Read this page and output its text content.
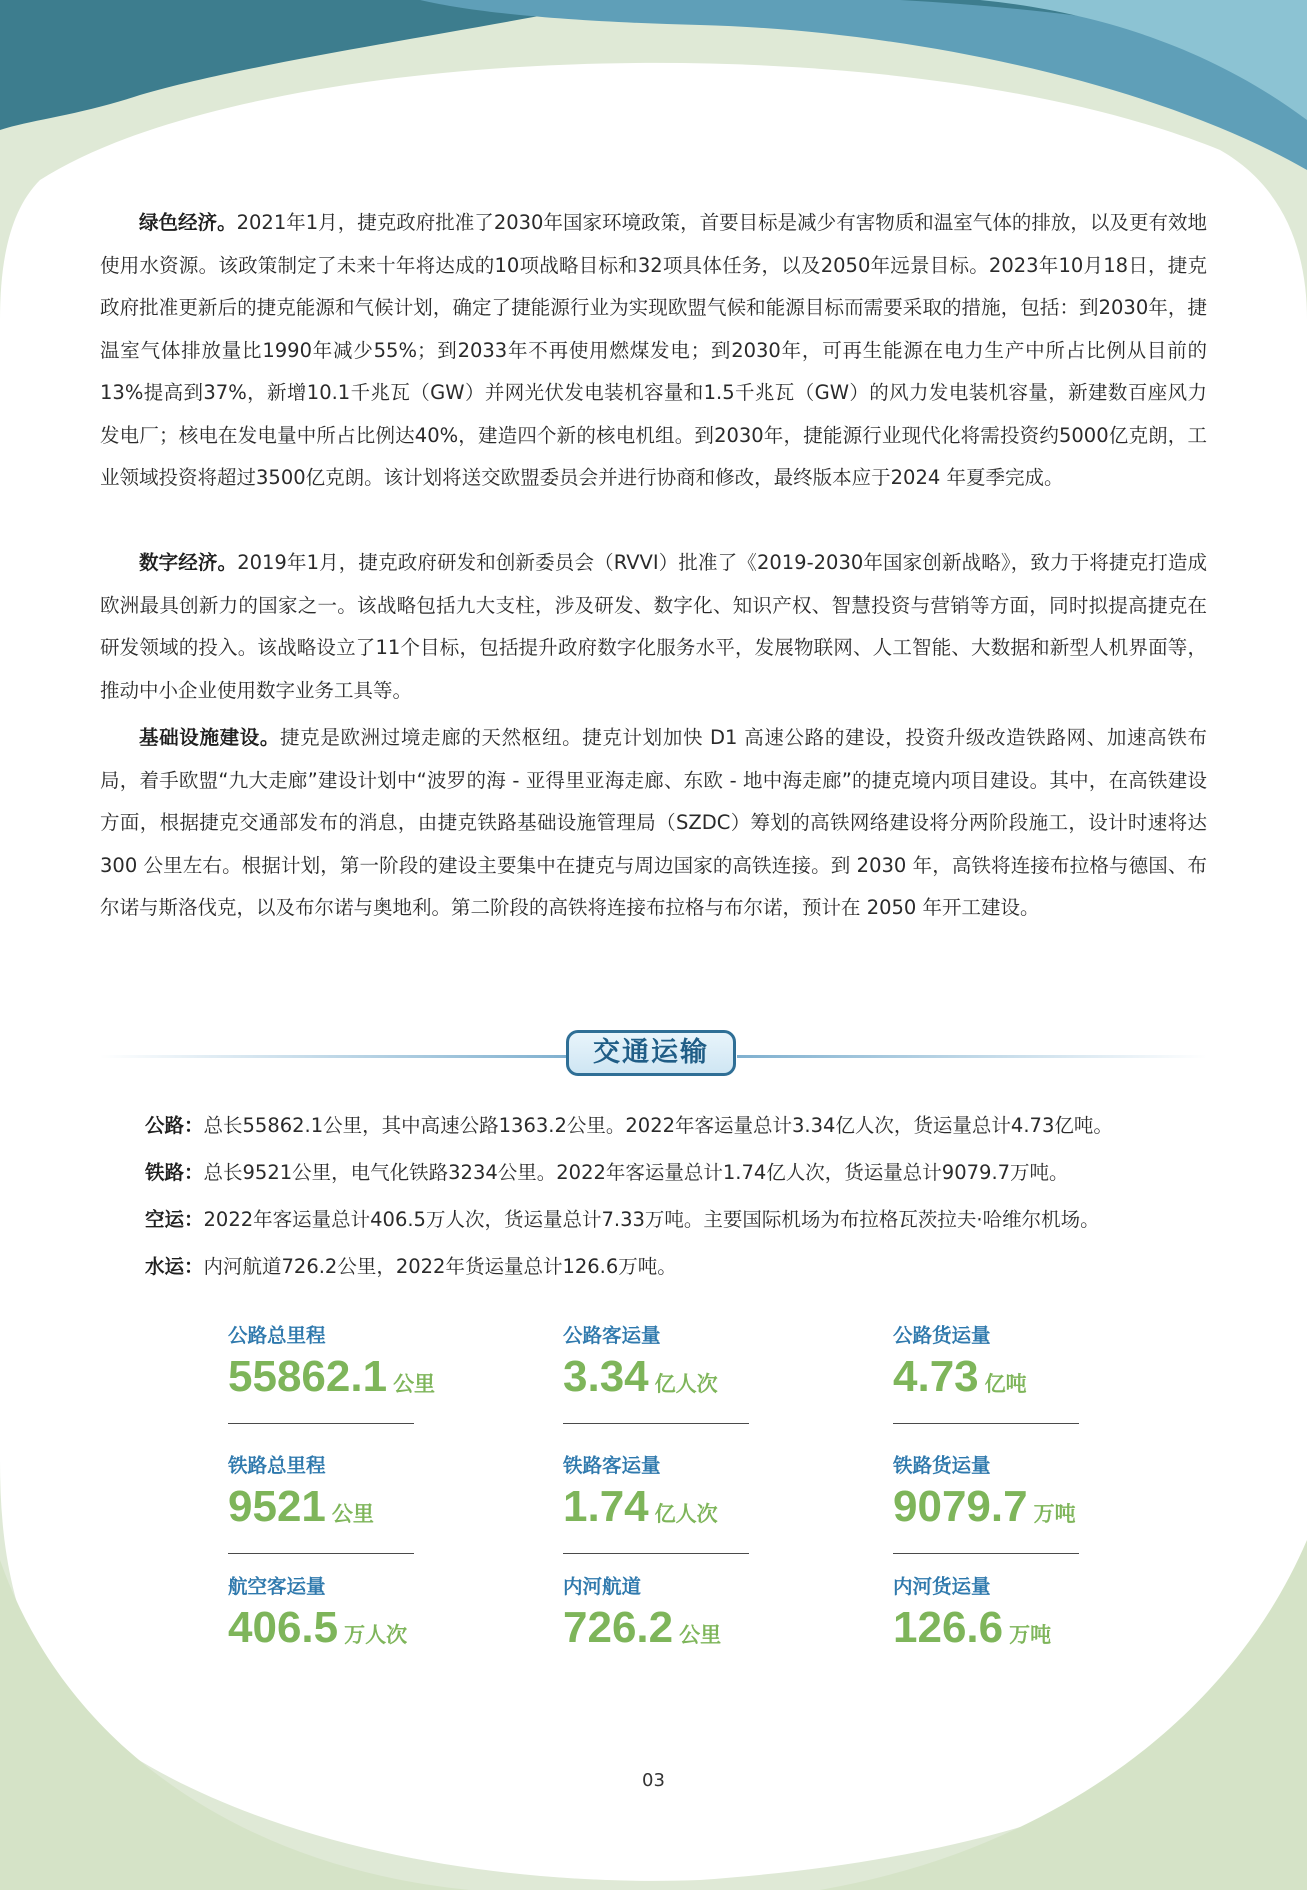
绿色经济。2021年1月，捷克政府批准了2030年国家环境政策，首要目标是减少有害物质和温室气体的排放，以及更有效地使用水资源。该政策制定了未来十年将达成的10项战略目标和32项具体任务，以及2050年远景目标。2023年10月18日，捷克政府批准更新后的捷克能源和气候计划，确定了捷能源行业为实现欧盟气候和能源目标而需要采取的措施，包括：到2030年，捷温室气体排放量比1990年减少55%；到2033年不再使用燃煤发电；到2030年，可再生能源在电力生产中所占比例从目前的13%提高到37%，新增10.1千兆瓦（GW）并网光伏发电装机容量和1.5千兆瓦（GW）的风力发电装机容量，新建数百座风力发电厂；核电在发电量中所占比例达40%，建造四个新的核电机组。到2030年，捷能源行业现代化将需投资约5000亿克朗，工业领域投资将超过3500亿克朗。该计划将送交欧盟委员会并进行协商和修改，最终版本应于2024 年夏季完成。

数字经济。2019年1月，捷克政府研发和创新委员会（RVVI）批准了《2019-2030年国家创新战略》，致力于将捷克打造成欧洲最具创新力的国家之一。该战略包括九大支柱，涉及研发、数字化、知识产权、智慧投资与营销等方面，同时拟提高捷克在研发领域的投入。该战略设立了11个目标，包括提升政府数字化服务水平，发展物联网、人工智能、大数据和新型人机界面等，推动中小企业使用数字业务工具等。

基础设施建设。捷克是欧洲过境走廊的天然枢纽。捷克计划加快 D1 高速公路的建设，投资升级改造铁路网、加速高铁布局，着手欧盟“九大走廊”建设计划中“波罗的海 - 亚得里亚海走廊、东欧 - 地中海走廊”的捷克境内项目建设。其中，在高铁建设方面，根据捷克交通部发布的消息，由捷克铁路基础设施管理局（SZDC）筹划的高铁网络建设将分两阶段施工，设计时速将达 300 公里左右。根据计划，第一阶段的建设主要集中在捷克与周边国家的高铁连接。到 2030 年，高铁将连接布拉格与德国、布尔诺与斯洛伐克，以及布尔诺与奥地利。第二阶段的高铁将连接布拉格与布尔诺，预计在 2050 年开工建设。

交通运输
公路：总长55862.1公里，其中高速公路1363.2公里。2022年客运量总计3.34亿人次，货运量总计4.73亿吨。
铁路：总长9521公里，电气化铁路3234公里。2022年客运量总计1.74亿人次，货运量总计9079.7万吨。
空运：2022年客运量总计406.5万人次，货运量总计7.33万吨。主要国际机场为布拉格瓦茨拉夫·哈维尔机场。
水运：内河航道726.2公里，2022年货运量总计126.6万吨。
公路总里程
55862.1 公里
公路客运量
3.34 亿人次
公路货运量
4.73 亿吨
铁路总里程
9521 公里
铁路客运量
1.74 亿人次
铁路货运量
9079.7 万吨
航空客运量
406.5 万人次
内河航道
726.2 公里
内河货运量
126.6 万吨
03
